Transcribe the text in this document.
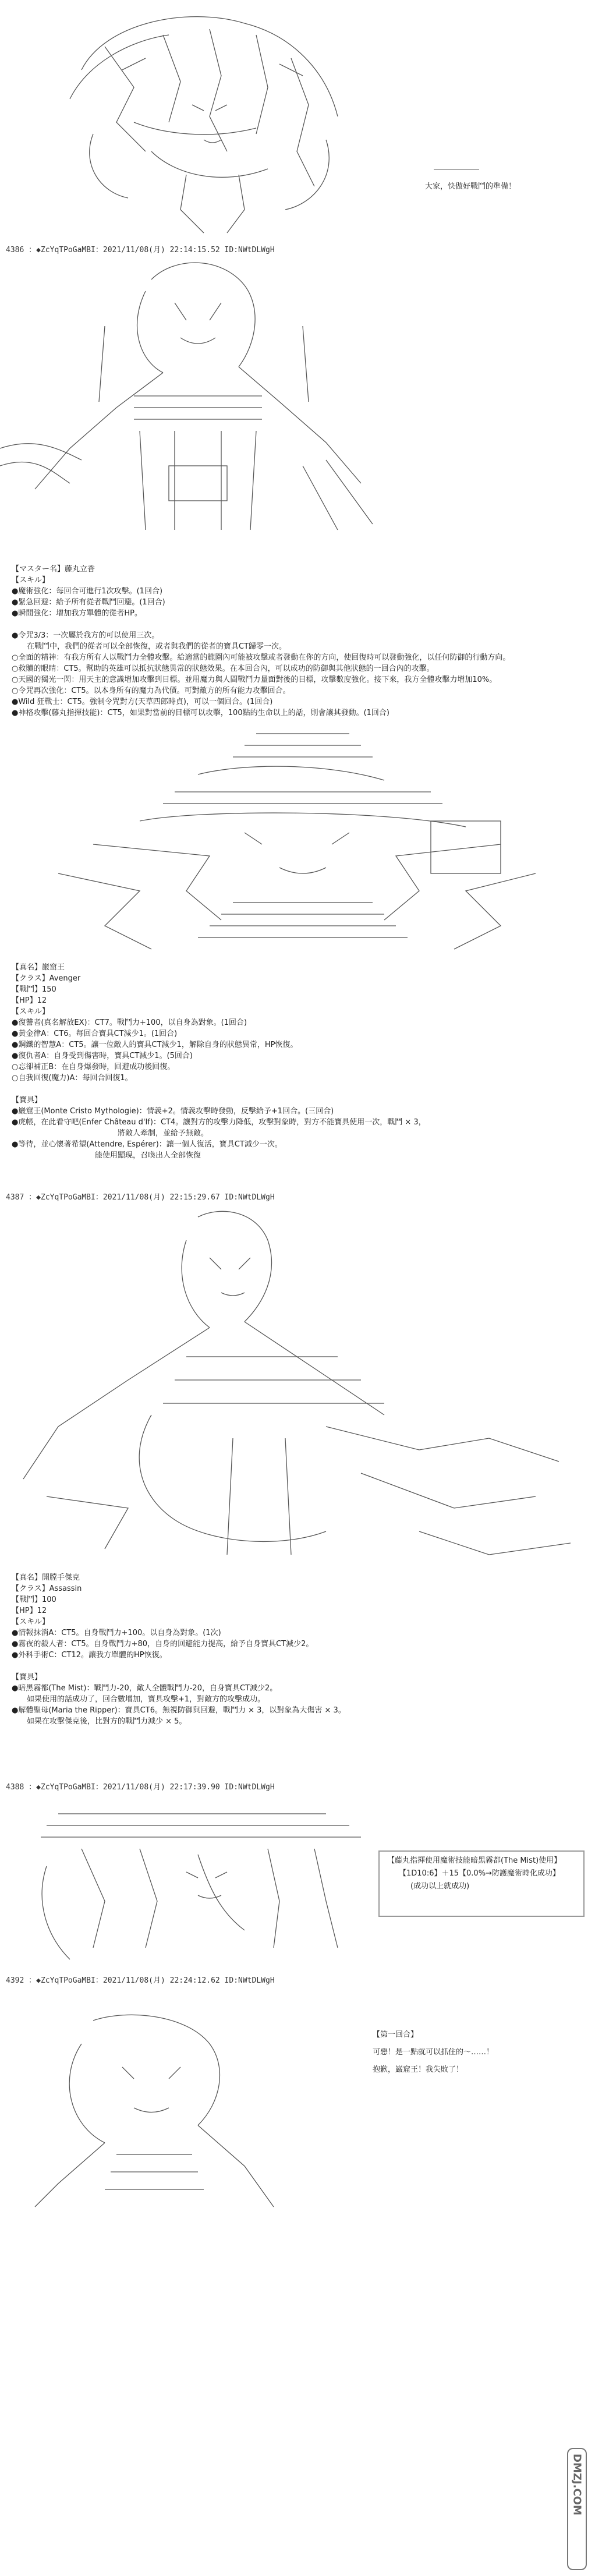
――――――
大家，快做好戰鬥的準備！
4386 ：◆ZcYqTPoGaMBI：2021/11/08(月) 22:14:15.52 ID:NWtDLWgH
【マスター名】藤丸立香
【スキル】
●魔術強化：每回合可進行1次攻擊。(1回合)
●緊急回避：給予所有從者戰鬥回避。(1回合)
●瞬間強化：增加我方單體的從者HP。

●令咒3/3：一次屬於我方的可以使用三次。
　　在戰鬥中，我們的從者可以全部恢復，或者與我們的從者的寶具CT歸零一次。
○全面的精神：有我方所有人以戰鬥力全體攻擊。給適當的範圍內可能被攻擊或者發動在你的方向，使回復時可以發動強化，以任何防御的行動方向。
○救贖的眼睛：CT5。幫助的英雄可以抵抗狀態異常的狀態效果。在本回合內，可以成功的防御與其他狀態的一回合內的攻擊。
○天國的獨光一閃：用天主的意識增加攻擊到目標。並用魔力與人間戰鬥力量面對後的目標，攻擊數度強化。接下來，我方全體攻擊力增加10%。
○令咒再次強化：CT5。以本身所有的魔力為代價。可對敵方的所有能力攻擊回合。
●Wild 狂戰士：CT5。強制令咒對方(天草四郎時貞)，可以一個回合。(1回合)
●神格攻擊(藤丸指揮技能)：CT5，如果對當前的目標可以攻擊，100點的生命以上的話，則會讓其發動。(1回合)
【真名】巌窟王
【クラス】Avenger
【戰鬥】150
【HP】12
【スキル】
●復讐者(真名解放EX)：CT7。戰鬥力+100，以自身為對象。(1回合)
●黃金律A：CT6。每回合寶具CT減少1。(1回合)
●鋼鐵的智慧A：CT5。讓一位敵人的寶具CT減少1，解除自身的狀態異常，HP恢復。
●復仇者A：自身受到傷害時，寶具CT減少1。(5回合)
○忘卻補正B：在自身爆發時，回避成功後回復。
○自我回復(魔力)A：每回合回復1。

【寶具】
●巌窟王(Monte Cristo Mythologie)：情義+2。情義攻擊時發動，反擊給予+1回合。(三回合)
●虎帳，在此看守吧(Enfer Château d'If)：CT4。讓對方的攻擊力降低，攻擊對象時，對方不能寶具使用一次，戰鬥 × 3，
　　　　　　　　　　　　　　將敵人牽制，並給予無敵。
●等待，並心懷著希望(Attendre, Espérer)：讓一個人復活，寶具CT減少一次。
　　　　　　　　　　　能使用顯現，召喚出人全部恢復
4387 ：◆ZcYqTPoGaMBI：2021/11/08(月) 22:15:29.67 ID:NWtDLWgH
【真名】開膛手傑克
【クラス】Assassin
【戰鬥】100
【HP】12
【スキル】
●情報抹消A：CT5。自身戰鬥力+100。以自身為對象。(1次)
●霧夜的殺人者：CT5。自身戰鬥力+80，自身的回避能力提高，給予自身寶具CT減少2。
●外科手術C：CT12。讓我方單體的HP恢復。

【寶具】
●暗黑霧都(The Mist)：戰鬥力-20，敵人全體戰鬥力-20，自身寶具CT減少2。
　　如果使用的話成功了，回合數增加，寶具攻擊+1，對敵方的攻擊成功。
●解體聖母(Maria the Ripper)：寶具CT6。無視防御與回避，戰鬥力 × 3，以對象為大傷害 × 3。
　　如果在攻擊傑克後，比對方的戰鬥力減少 × 5。
4388 ：◆ZcYqTPoGaMBI：2021/11/08(月) 22:17:39.90 ID:NWtDLWgH
【藤丸指揮使用魔術技能暗黑霧都(The Mist)使用】
【1D10:6】＋15【0.0%→防護魔術時化成功】
(成功以上就成功)
4392 ：◆ZcYqTPoGaMBI：2021/11/08(月) 22:24:12.62 ID:NWtDLWgH
【第一回合】
可惡！是一點就可以抓住的～……！
抱歉，巌窟王！我失敗了！
DMZJ.COM
